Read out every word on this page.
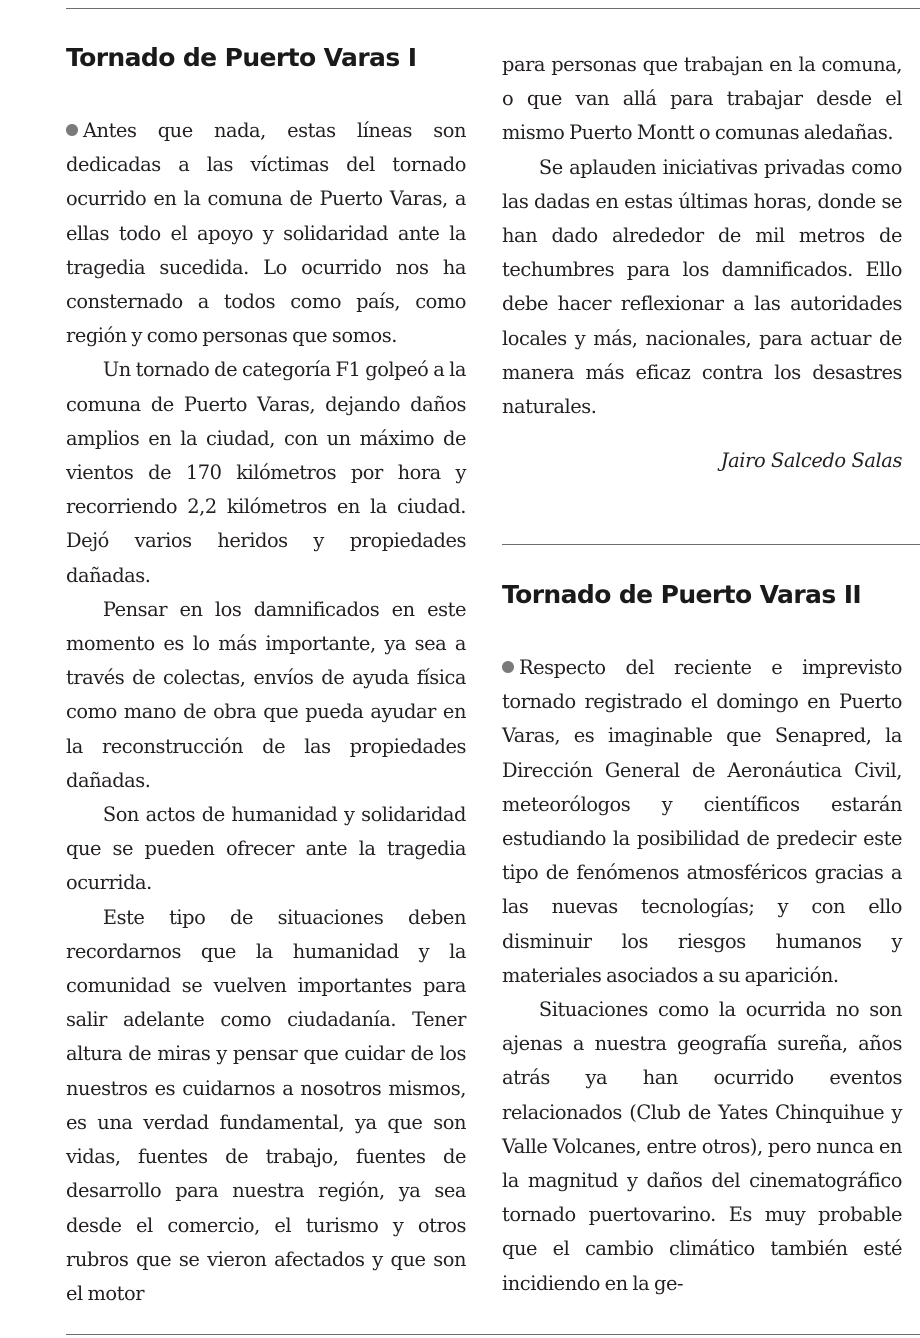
Tornado de Puerto Varas I

Antes que nada, estas líneas son dedicadas a las víctimas del tornado ocurrido en la comuna de Puerto Varas, a ellas todo el apoyo y solidaridad ante la tragedia sucedida. Lo ocurrido nos ha consternado a todos como país, como región y como personas que somos.

Un tornado de categoría F1 golpeó a la comuna de Puerto Varas, dejando daños amplios en la ciudad, con un máximo de vientos de 170 kilómetros por hora y recorriendo 2,2 kilómetros en la ciudad. Dejó varios heridos y propiedades dañadas.

Pensar en los damnificados en este momento es lo más importante, ya sea a través de colectas, envíos de ayuda física como mano de obra que pueda ayudar en la reconstrucción de las propiedades dañadas.

Son actos de humanidad y solidaridad que se pueden ofrecer ante la tragedia ocurrida.

Este tipo de situaciones deben recordarnos que la humanidad y la comunidad se vuelven importantes para salir adelante como ciudadanía. Tener altura de miras y pensar que cuidar de los nuestros es cuidarnos a nosotros mismos, es una verdad fundamental, ya que son vidas, fuentes de trabajo, fuentes de desarrollo para nuestra región, ya sea desde el comercio, el turismo y otros rubros que se vieron afectados y que son el motor

para personas que trabajan en la comuna, o que van allá para trabajar desde el mismo Puerto Montt o comunas aledañas.

Se aplauden iniciativas privadas como las dadas en estas últimas horas, donde se han dado alrededor de mil metros de techumbres para los damnificados. Ello debe hacer reflexionar a las autoridades locales y más, nacionales, para actuar de manera más eficaz contra los desastres naturales.

Jairo Salcedo Salas

Tornado de Puerto Varas II

Respecto del reciente e imprevisto tornado registrado el domingo en Puerto Varas, es imaginable que Senapred, la Dirección General de Aeronáutica Civil, meteorólogos y científicos estarán estudiando la posibilidad de predecir este tipo de fenómenos atmosféricos gracias a las nuevas tecnologías; y con ello disminuir los riesgos humanos y materiales asociados a su aparición.

Situaciones como la ocurrida no son ajenas a nuestra geografía sureña, años atrás ya han ocurrido eventos relacionados (Club de Yates Chinquihue y Valle Volcanes, entre otros), pero nunca en la magnitud y daños del cinematográfico tornado puertovarino. Es muy probable que el cambio climático también esté incidiendo en la ge-
